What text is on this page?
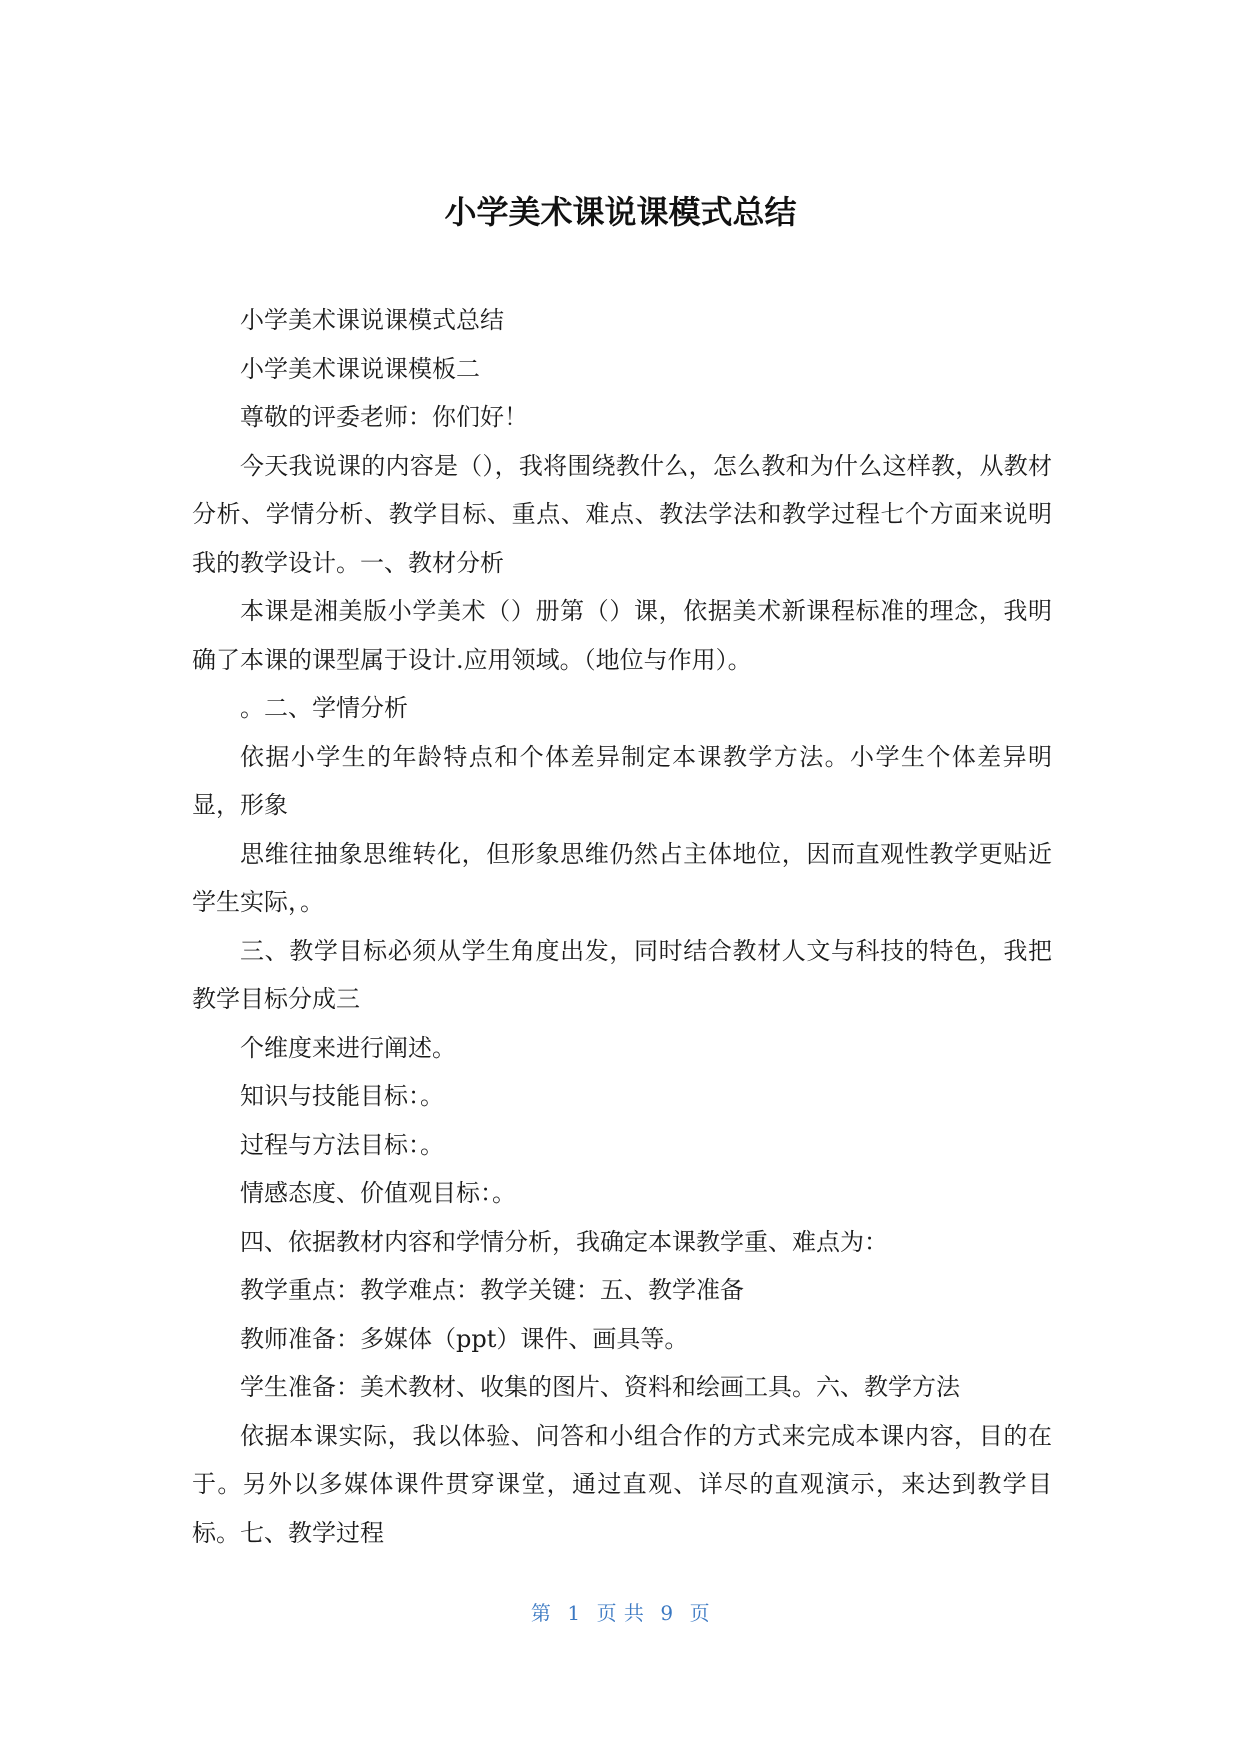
小学美术课说课模式总结

小学美术课说课模式总结

小学美术课说课模板二

尊敬的评委老师：你们好！

今天我说课的内容是（），我将围绕教什么，怎么教和为什么这样教，从教材分析、学情分析、教学目标、重点、难点、教法学法和教学过程七个方面来说明我的教学设计。一、教材分析

本课是湘美版小学美术（）册第（）课，依据美术新课程标准的理念，我明确了本课的课型属于设计.应用领域。（地位与作用）。

。二、学情分析

依据小学生的年龄特点和个体差异制定本课教学方法。小学生个体差异明显，形象

思维往抽象思维转化，但形象思维仍然占主体地位，因而直观性教学更贴近学生实际，。

三、教学目标必须从学生角度出发，同时结合教材人文与科技的特色，我把教学目标分成三

个维度来进行阐述。

知识与技能目标：。

过程与方法目标：。

情感态度、价值观目标：。

四、依据教材内容和学情分析，我确定本课教学重、难点为：

教学重点：教学难点：教学关键：五、教学准备

教师准备：多媒体（ppt）课件、画具等。

学生准备：美术教材、收集的图片、资料和绘画工具。六、教学方法

依据本课实际，我以体验、问答和小组合作的方式来完成本课内容，目的在于。另外以多媒体课件贯穿课堂，通过直观、详尽的直观演示，来达到教学目标。七、教学过程

第 1 页 共 9 页
